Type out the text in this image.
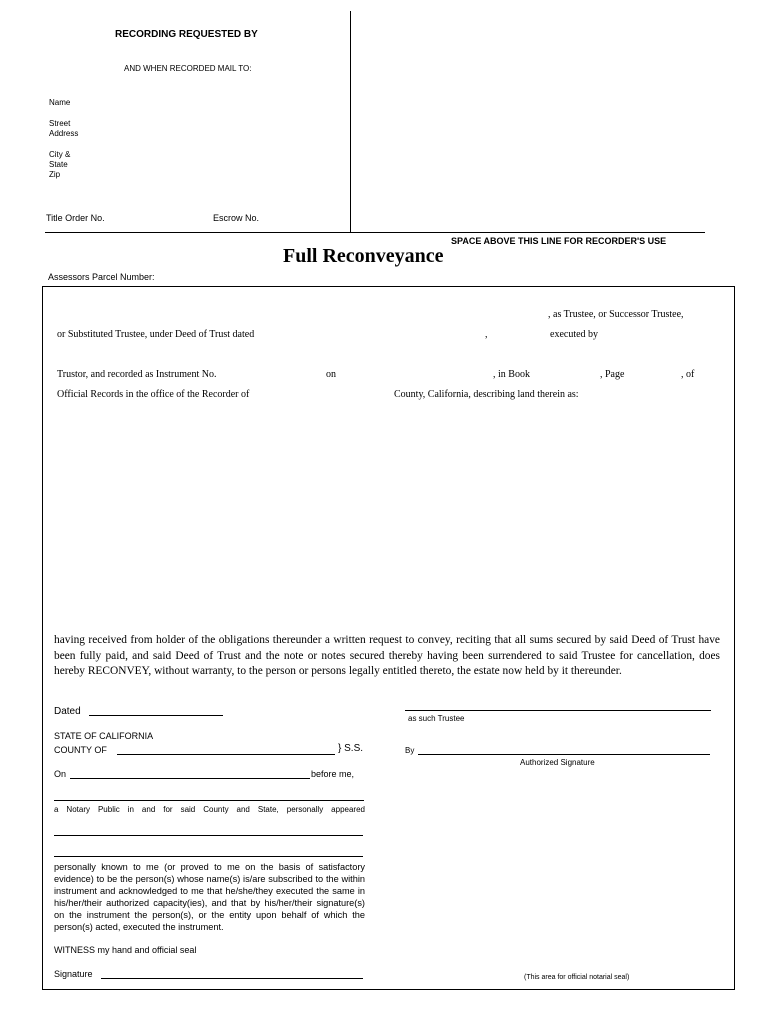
RECORDING REQUESTED BY
AND WHEN RECORDED MAIL TO:
Name
Street
Address
City &
State
Zip
Title Order No.	Escrow No.
SPACE ABOVE THIS LINE FOR RECORDER'S USE
Full Reconveyance
Assessors Parcel Number:
, as Trustee, or Successor Trustee,
or Substituted Trustee, under Deed of Trust dated	,	executed by
Trustor, and recorded as Instrument No.	on	, in Book	, Page	, of
Official Records in the office of the Recorder of	County, California, describing land therein as:
having received from holder of the obligations thereunder a written request to convey, reciting that all sums secured by said Deed of Trust have been fully paid, and said Deed of Trust and the note or notes secured thereby having been surrendered to said Trustee for cancellation, does hereby RECONVEY, without warranty, to the person or persons legally entitled thereto, the estate now held by it thereunder.
Dated
STATE OF CALIFORNIA
COUNTY OF	} S.S.
On	before me,
a Notary Public in and for said County and State, personally appeared
personally known to me (or proved to me on the basis of satisfactory evidence) to be the person(s) whose name(s) is/are subscribed to the within instrument and acknowledged to me that he/she/they executed the same in his/her/their authorized capacity(ies), and that by his/her/their signature(s) on the instrument the person(s), or the entity upon behalf of which the person(s) acted, executed the instrument.
WITNESS my hand and official seal
Signature
as such Trustee
By
Authorized Signature
(This area for official notarial seal)
